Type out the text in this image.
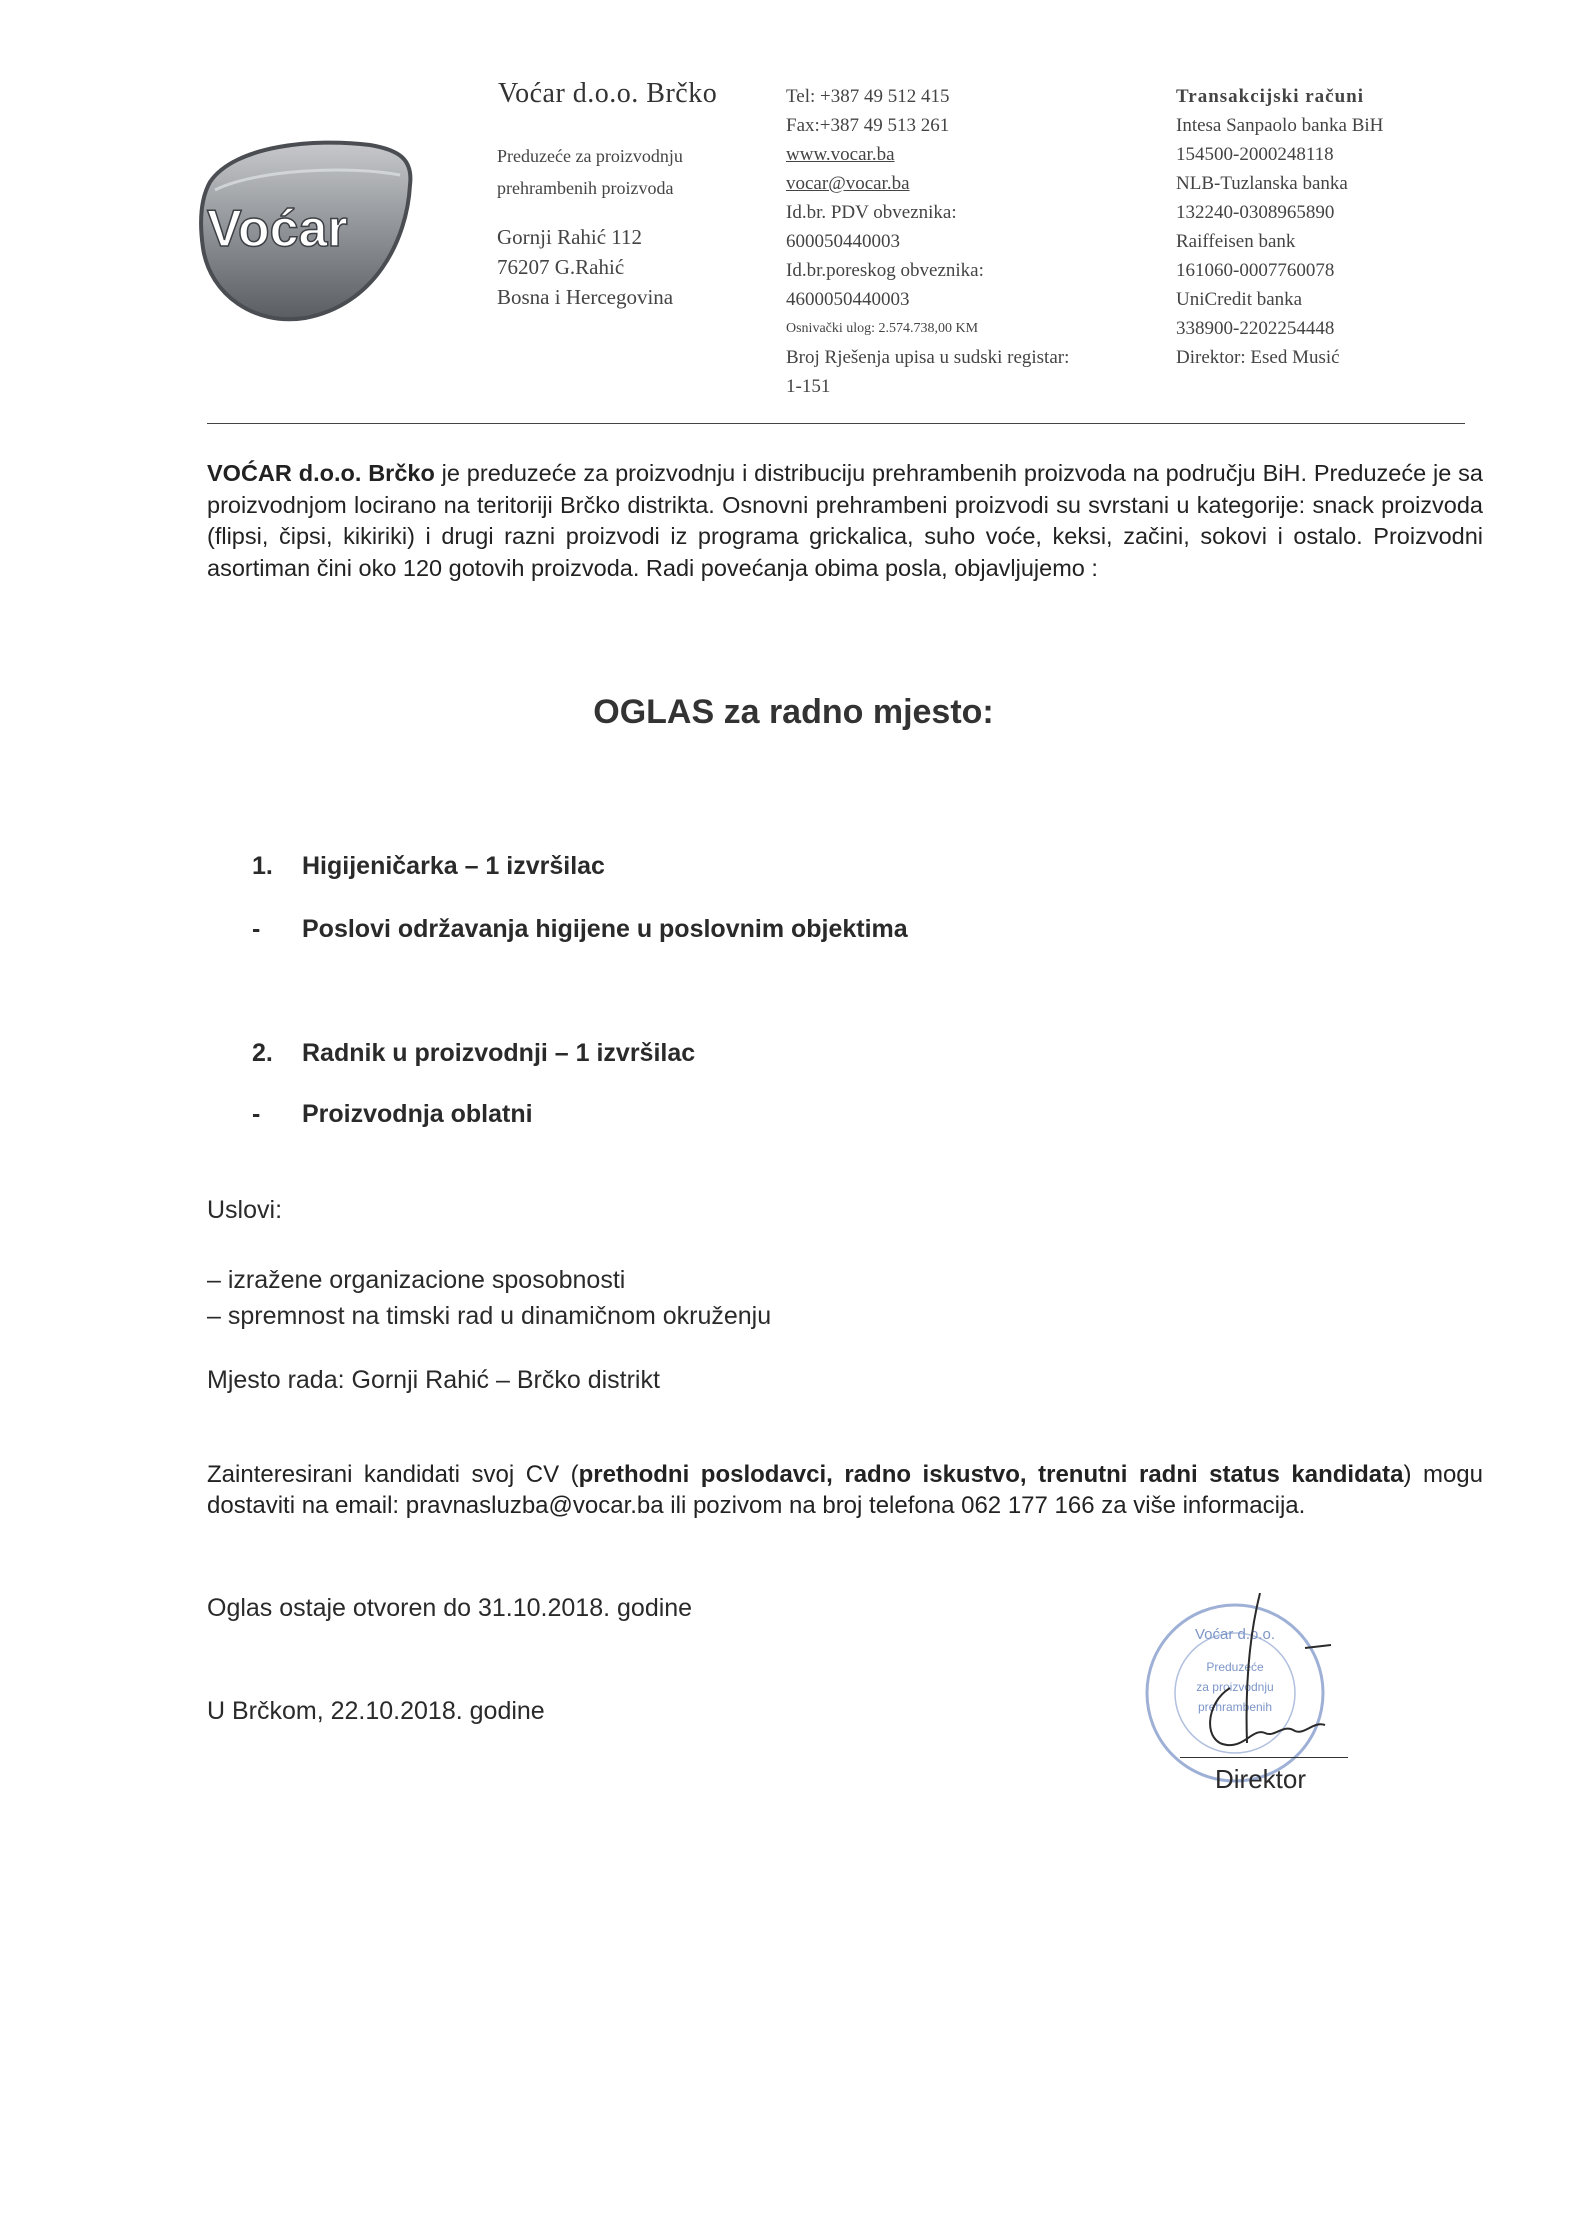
Voćar
Voćar d.o.o. Brčko
Preduzeće za proizvodnju
prehrambenih proizvoda
Gornji Rahić 112
76207 G.Rahić
Bosna i Hercegovina
Tel: +387 49 512 415
Fax:+387 49 513 261
www.vocar.ba
vocar@vocar.ba
Id.br. PDV obveznika:
600050440003
Id.br.poreskog obveznika:
4600050440003
Osnivački ulog: 2.574.738,00 KM
Broj Rješenja upisa u sudski registar:
1-151
Transakcijski računi
Intesa Sanpaolo banka BiH
154500-2000248118
NLB-Tuzlanska banka
132240-0308965890
Raiffeisen bank
161060-0007760078
UniCredit banka
338900-2202254448
Direktor: Esed Musić
VOĆAR d.o.o. Brčko je preduzeće za proizvodnju i distribuciju prehrambenih proizvoda na području BiH. Preduzeće je sa proizvodnjom locirano na teritoriji Brčko distrikta. Osnovni prehrambeni proizvodi su svrstani u kategorije: snack proizvoda (flipsi, čipsi, kikiriki) i drugi razni proizvodi iz programa grickalica, suho voće, keksi, začini, sokovi i ostalo. Proizvodni asortiman čini oko 120 gotovih proizvoda. Radi povećanja obima posla, objavljujemo :
OGLAS za radno mjesto:
1. Higijeničarka – 1 izvršilac
- Poslovi održavanja higijene u poslovnim objektima
2. Radnik u proizvodnji – 1 izvršilac
- Proizvodnja oblatni
Uslovi:
– izražene organizacione sposobnosti
– spremnost na timski rad u dinamičnom okruženju
Mjesto rada: Gornji Rahić – Brčko distrikt
Zainteresirani kandidati svoj CV (prethodni poslodavci, radno iskustvo, trenutni radni status kandidata) mogu dostaviti na email: pravnasluzba@vocar.ba ili pozivom na broj telefona 062 177 166 za više informacija.
Oglas ostaje otvoren do 31.10.2018. godine
U Brčkom, 22.10.2018. godine
Voćar d.o.o.
Preduzeće
za proizvodnju
prehrambenih
Direktor
